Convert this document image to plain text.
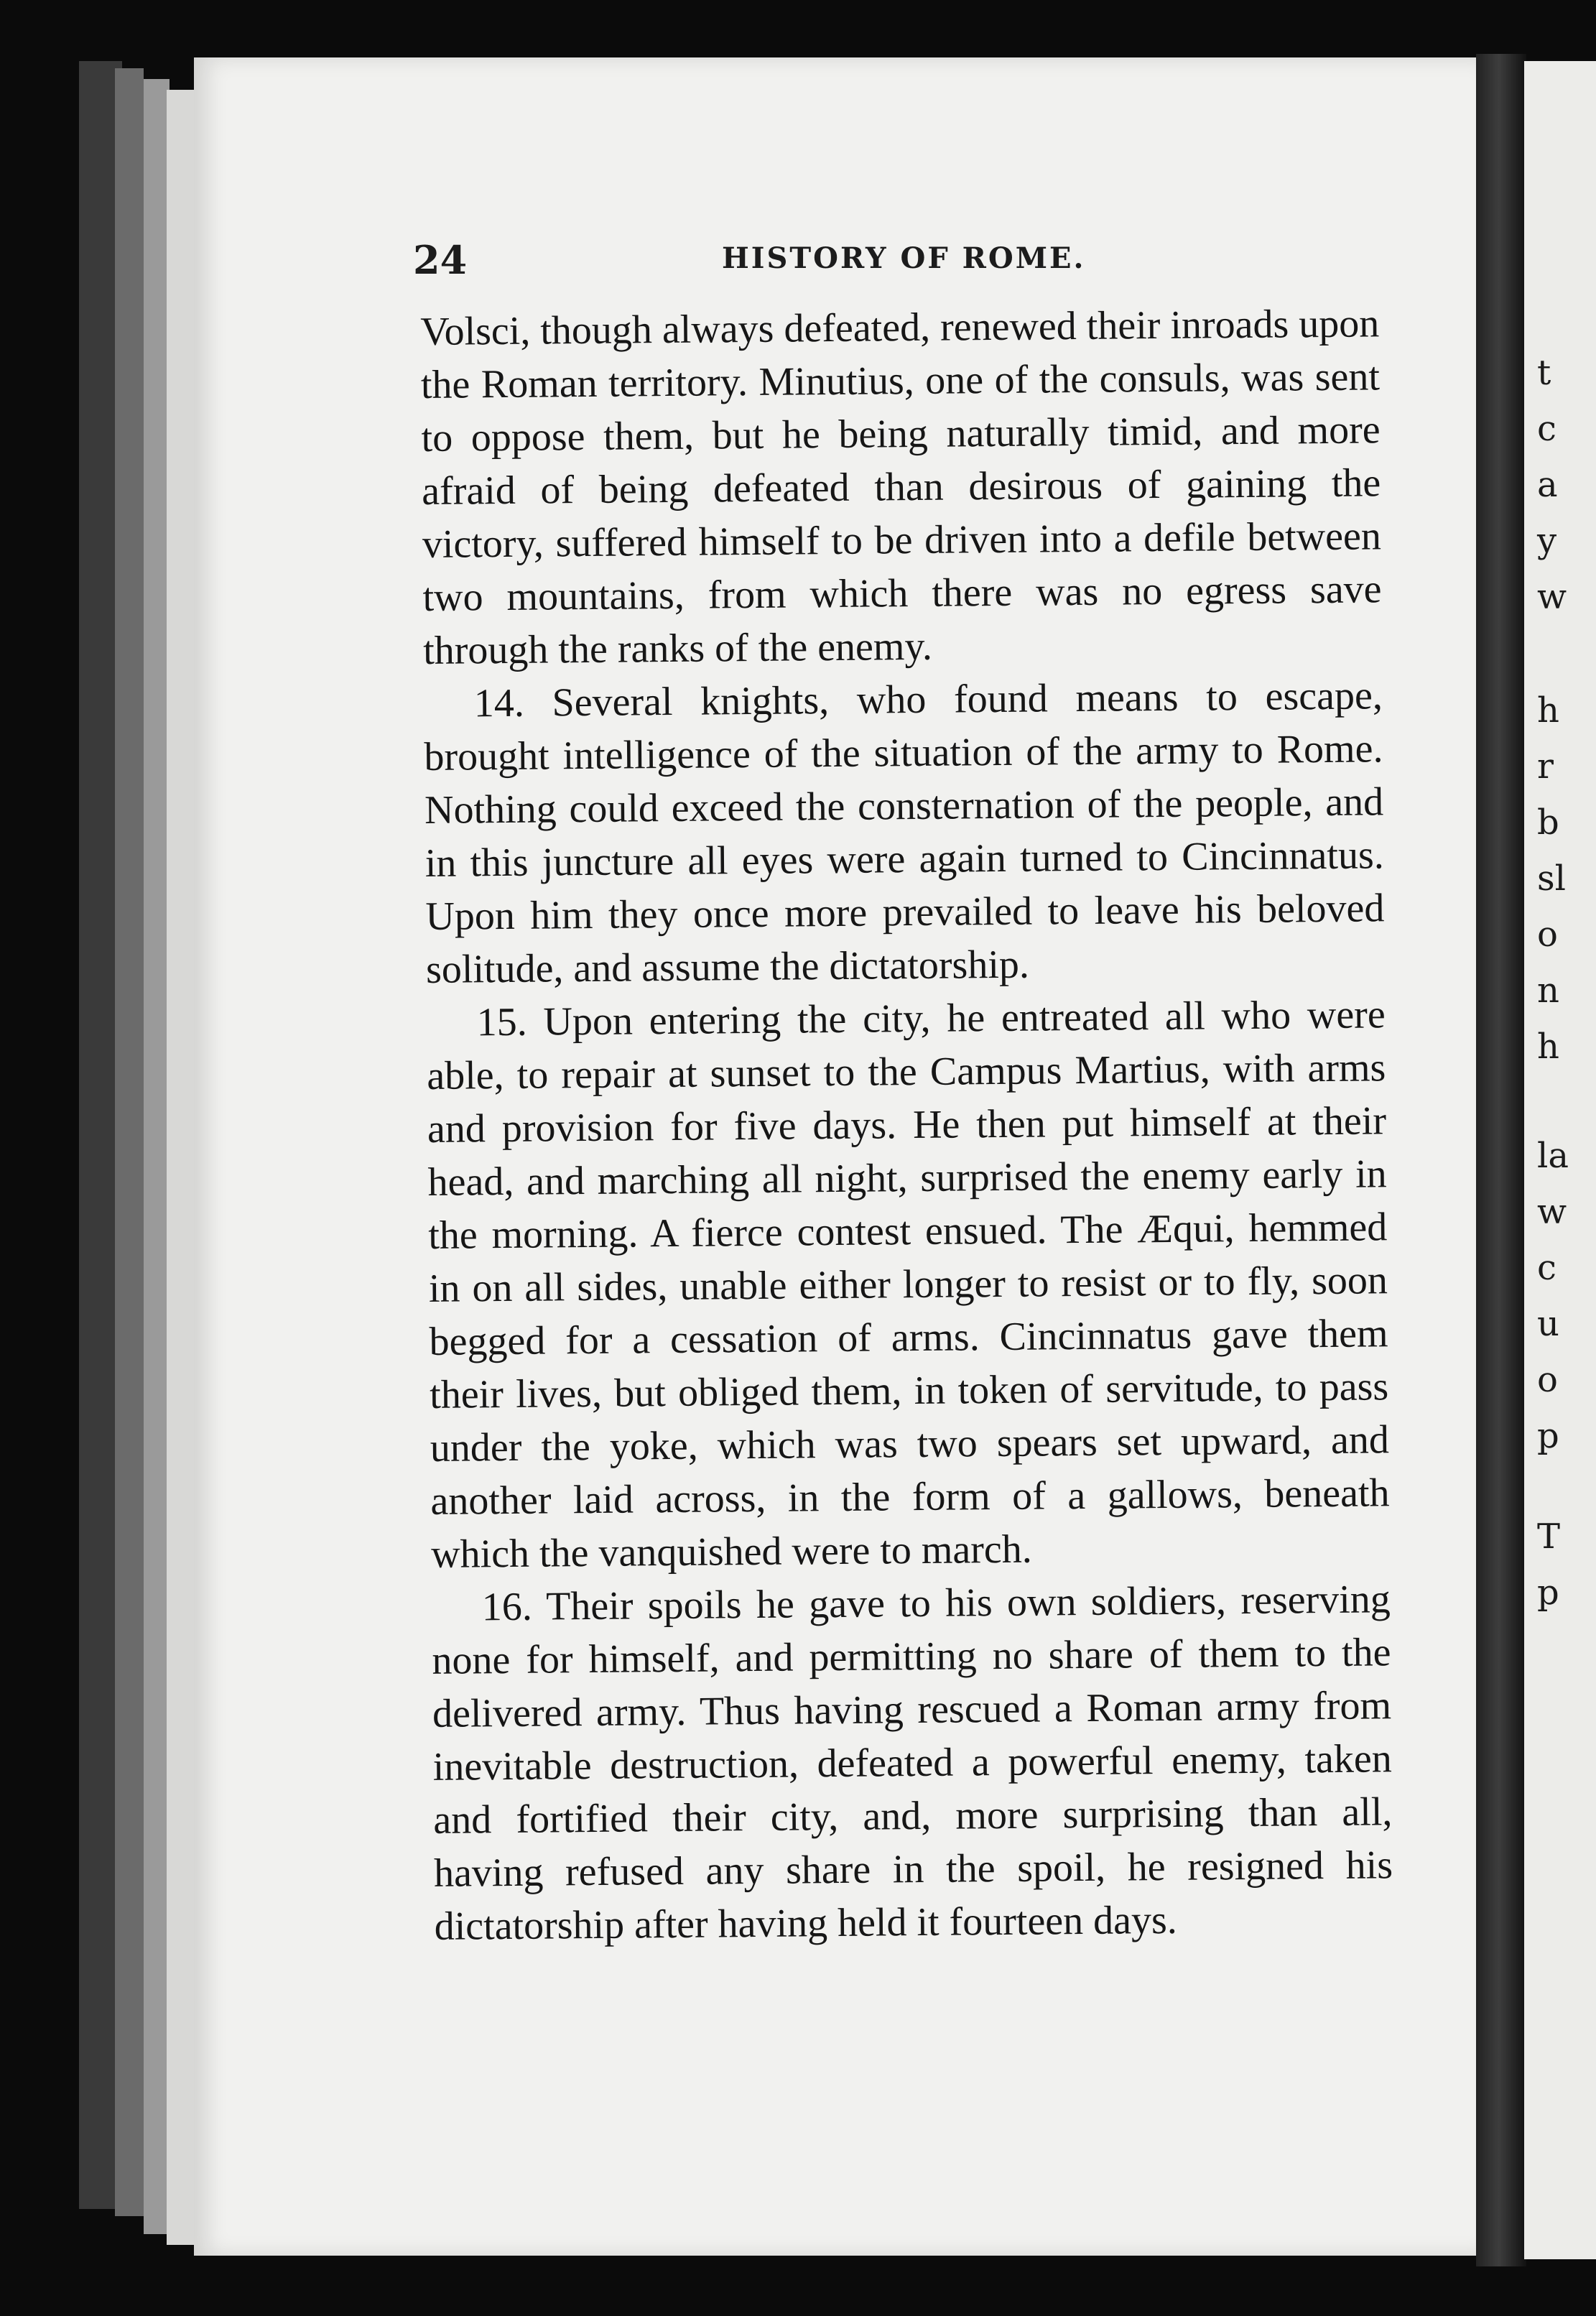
24	HISTORY OF ROME.

Volsci, though always defeated, renewed their inroads upon the Roman territory. Minutius, one of the consuls, was sent to oppose them, but he being naturally timid, and more afraid of being defeated than desirous of gaining the victory, suffered himself to be driven into a defile between two mountains, from which there was no egress save through the ranks of the enemy.

14. Several knights, who found means to escape, brought intelligence of the situation of the army to Rome. Nothing could exceed the consternation of the people, and in this juncture all eyes were again turned to Cincinnatus. Upon him they once more prevailed to leave his beloved solitude, and assume the dictatorship.

15. Upon entering the city, he entreated all who were able, to repair at sunset to the Campus Martius, with arms and provision for five days. He then put himself at their head, and marching all night, surprised the enemy early in the morning. A fierce contest ensued. The Æqui, hemmed in on all sides, unable either longer to resist or to fly, soon begged for a cessation of arms. Cincinnatus gave them their lives, but obliged them, in token of servitude, to pass under the yoke, which was two spears set upward, and another laid across, in the form of a gallows, beneath which the vanquished were to march.

16. Their spoils he gave to his own soldiers, reserving none for himself, and permitting no share of them to the delivered army. Thus having rescued a Roman army from inevitable destruction, defeated a powerful enemy, taken and fortified their city, and, more surprising than all, having refused any share in the spoil, he resigned his dictatorship after having held it fourteen days.

t
c
a
y
w
h
r
b
sl
o
n
h
la
w
c
u
o
p
T
p
